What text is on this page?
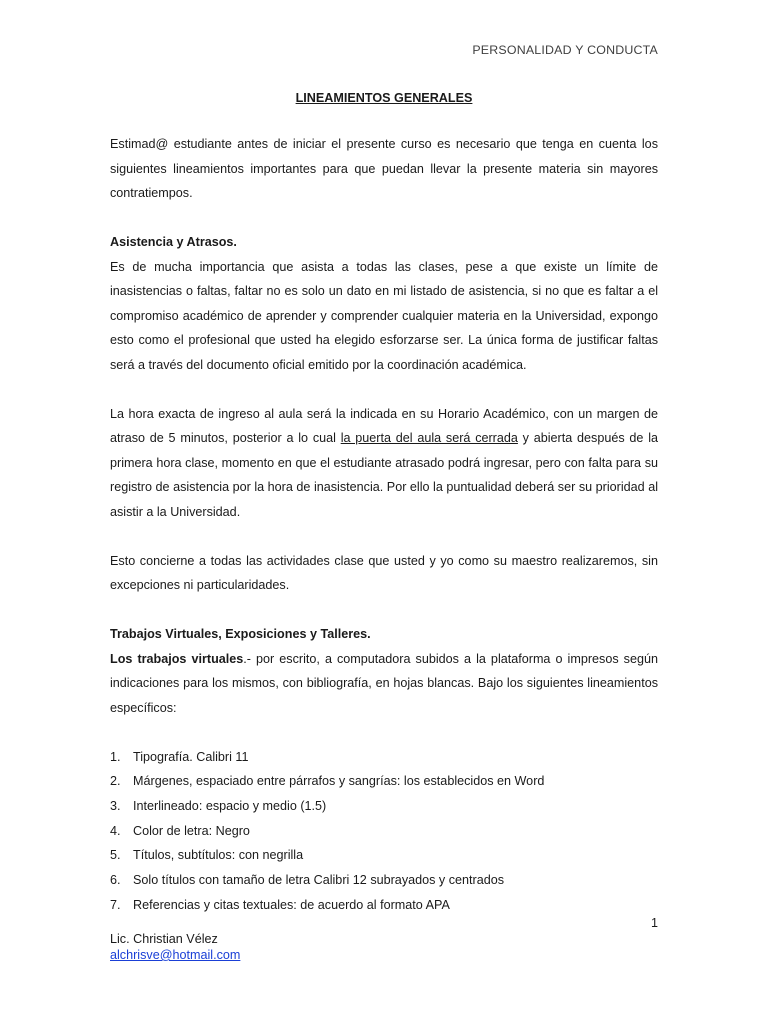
PERSONALIDAD Y CONDUCTA

LINEAMIENTOS GENERALES

Estimad@ estudiante antes de iniciar el presente curso es necesario que tenga en cuenta los siguientes lineamientos importantes para que puedan llevar la presente materia sin mayores contratiempos.

Asistencia y Atrasos.

Es de mucha importancia que asista a todas las clases, pese a que existe un límite de inasistencias o faltas, faltar no es solo un dato en mi listado de asistencia, si no que es faltar a el compromiso académico de aprender y comprender cualquier materia en la Universidad, expongo esto como el profesional que usted ha elegido esforzarse ser. La única forma de justificar faltas será a través del documento oficial emitido por la coordinación académica.

La hora exacta de ingreso al aula será la indicada en su Horario Académico, con un margen de atraso de 5 minutos, posterior a lo cual la puerta del aula será cerrada y abierta después de la primera hora clase, momento en que el estudiante atrasado podrá ingresar, pero con falta para su registro de asistencia por la hora de inasistencia. Por ello la puntualidad deberá ser su prioridad al asistir a la Universidad.

Esto concierne a todas las actividades clase que usted y yo como su maestro realizaremos, sin excepciones ni particularidades.

Trabajos Virtuales, Exposiciones y Talleres.

Los trabajos virtuales.- por escrito, a computadora subidos a la plataforma o impresos según indicaciones para los mismos, con bibliografía, en hojas blancas. Bajo los siguientes lineamientos específicos:

1. Tipografía. Calibri 11
2. Márgenes, espaciado entre párrafos y sangrías: los establecidos en Word
3. Interlineado: espacio y medio (1.5)
4. Color de letra: Negro
5. Títulos, subtítulos: con negrilla
6. Solo títulos con tamaño de letra Calibri 12 subrayados y centrados
7. Referencias y citas textuales: de acuerdo al formato APA
1
Lic. Christian Vélez
alchrisve@hotmail.com
